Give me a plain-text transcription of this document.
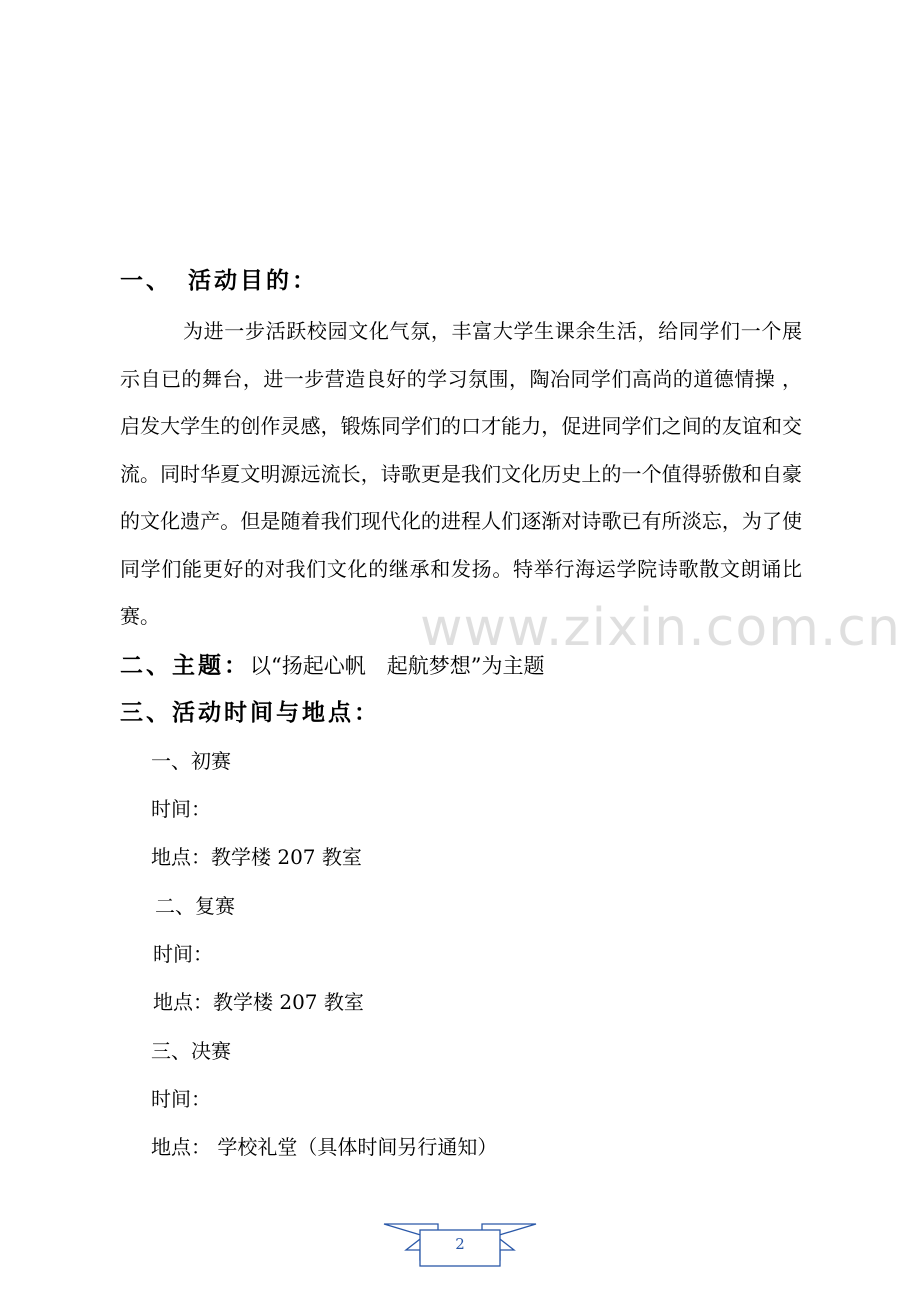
一、 活动目的：

为进一步活跃校园文化气氛，丰富大学生课余生活，给同学们一个展示自已的舞台，进一步营造良好的学习氛围，陶冶同学们高尚的道德情操 ，启发大学生的创作灵感，锻炼同学们的口才能力，促进同学们之间的友谊和交流。同时华夏文明源远流长，诗歌更是我们文化历史上的一个值得骄傲和自豪的文化遗产。但是随着我们现代化的进程人们逐渐对诗歌已有所淡忘，为了使同学们能更好的对我们文化的继承和发扬。特举行海运学院诗歌散文朗诵比赛。	www.zixin.com.cn
二、主题：以“扬起心帆　起航梦想”为主题
三、活动时间与地点：
一、初赛
时间：
地点：教学楼 207 教室
二、复赛
时间：
地点：教学楼 207 教室
三、决赛
时间：
地点： 学校礼堂（具体时间另行通知）
2
